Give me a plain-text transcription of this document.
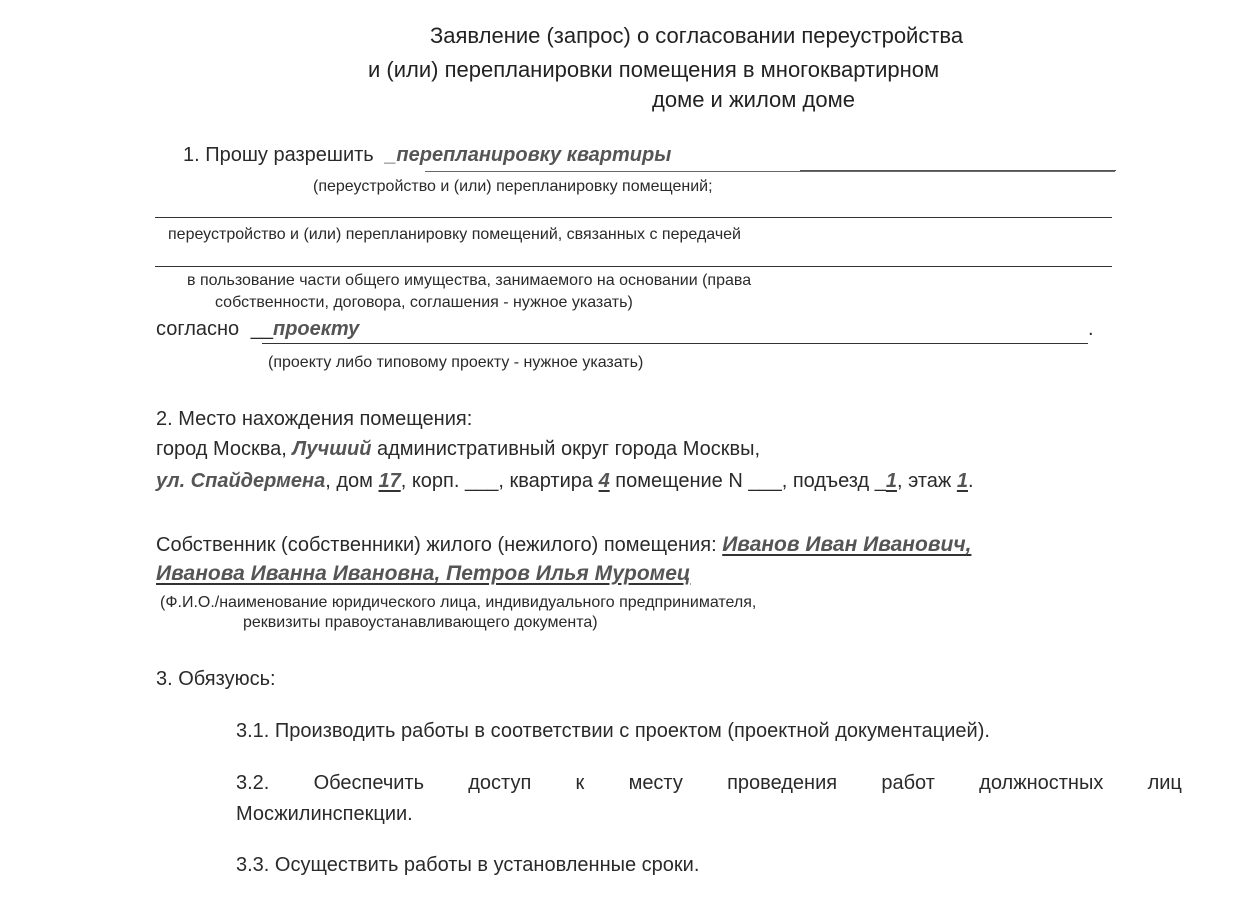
Заявление (запрос) о согласовании переустройства
и (или) перепланировки помещения в многоквартирном
доме и жилом доме
1. Прошу разрешить _перепланировку квартиры
(переустройство и (или) перепланировку помещений;
переустройство и (или) перепланировку помещений, связанных с передачей
в пользование части общего имущества, занимаемого на основании (права
собственности, договора, соглашения - нужное указать)
согласно __проекту	.
(проекту либо типовому проекту - нужное указать)
2. Место нахождения помещения:
город Москва, Лучший административный округ города Москвы,
ул. Спайдермена, дом 17, корп. ___, квартира 4 помещение N ___, подъезд _1, этаж 1.
Собственник (собственники) жилого (нежилого) помещения: Иванов Иван Иванович,
Иванова Иванна Ивановна, Петров Илья Муромец
(Ф.И.О./наименование юридического лица, индивидуального предпринимателя,
реквизиты правоустанавливающего документа)
3. Обязуюсь:
3.1. Производить работы в соответствии с проектом (проектной документацией).
3.2. Обеспечить доступ к месту проведения работ должностных лиц
Мосжилинспекции.
3.3. Осуществить работы в установленные сроки.
